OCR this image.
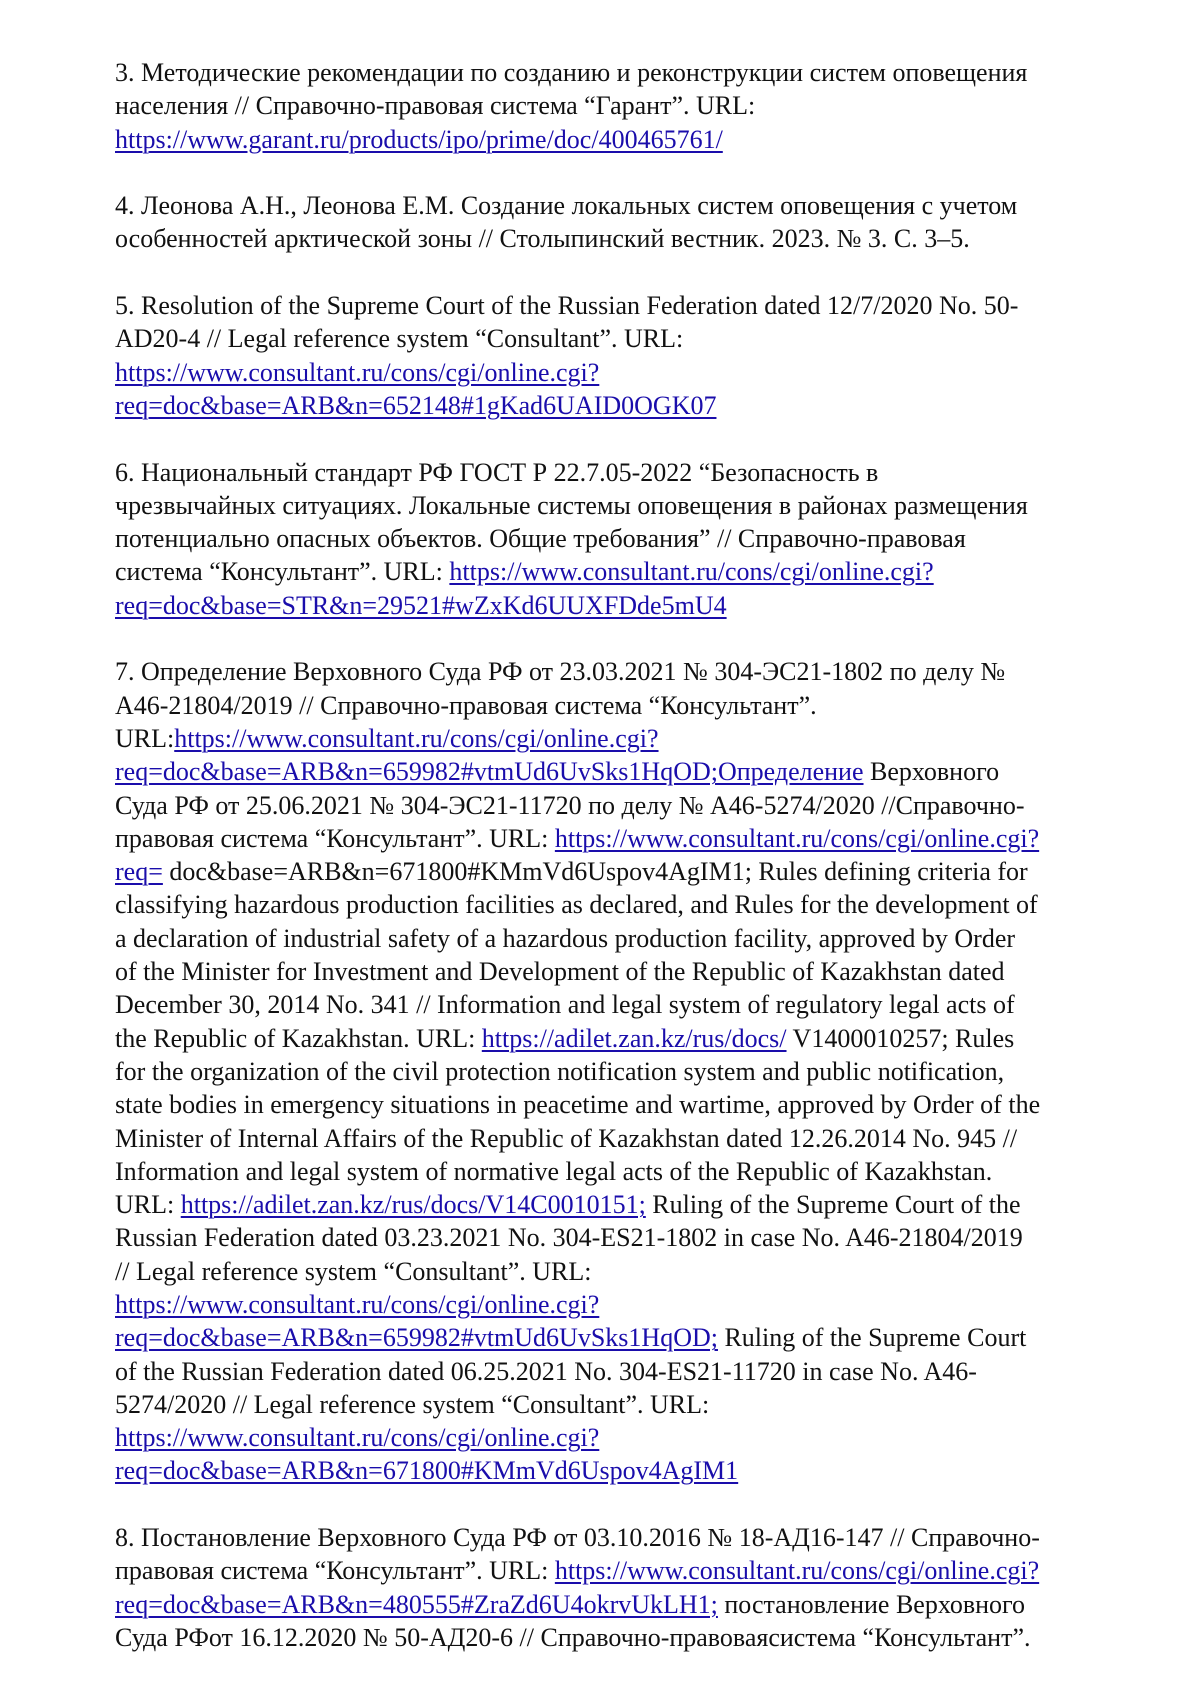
3. Методические рекомендации по созданию и реконструкции систем оповещения
населения // Справочно-правовая система “Гарант”. URL:
https://www.garant.ru/products/ipo/prime/doc/400465761/
4. Леонова А.Н., Леонова Е.М. Создание локальных систем оповещения с учетом
особенностей арктической зоны // Столыпинский вестник. 2023. № 3. С. 3–5.
5. Resolution of the Supreme Court of the Russian Federation dated 12/7/2020 No. 50-
AD20-4 // Legal reference system “Consultant”. URL:
https://www.consultant.ru/cons/cgi/online.cgi?
req=doc&base=ARB&n=652148#1gKad6UAID0OGK07
6. Национальный стандарт РФ ГОСТ Р 22.7.05-2022 “Безопасность в
чрезвычайных ситуациях. Локальные системы оповещения в районах размещения
потенциально опасных объектов. Общие требования” // Справочно-правовая
система “Консультант”. URL: https://www.consultant.ru/cons/cgi/online.cgi?
req=doc&base=STR&n=29521#wZxKd6UUXFDde5mU4
7. Определение Верховного Суда РФ от 23.03.2021 № 304-ЭС21-1802 по делу №
А46-21804/2019 // Справочно-правовая система “Консультант”.
URL:https://www.consultant.ru/cons/cgi/online.cgi?
req=doc&base=ARB&n=659982#vtmUd6UvSks1HqOD;Определение Верховного
Суда РФ от 25.06.2021 № 304-ЭС21-11720 по делу № А46-5274/2020 //Справочно-
правовая система “Консультант”. URL: https://www.consultant.ru/cons/cgi/online.cgi?
req= doc&base=ARB&n=671800#KMmVd6Uspov4AgIM1; Rules defining criteria for
classifying hazardous production facilities as declared, and Rules for the development of
a declaration of industrial safety of a hazardous production facility, approved by Order
of the Minister for Investment and Development of the Republic of Kazakhstan dated
December 30, 2014 No. 341 // Information and legal system of regulatory legal acts of
the Republic of Kazakhstan. URL: https://adilet.zan.kz/rus/docs/ V1400010257; Rules
for the organization of the civil protection notification system and public notification,
state bodies in emergency situations in peacetime and wartime, approved by Order of the
Minister of Internal Affairs of the Republic of Kazakhstan dated 12.26.2014 No. 945 //
Information and legal system of normative legal acts of the Republic of Kazakhstan.
URL: https://adilet.zan.kz/rus/docs/V14C0010151; Ruling of the Supreme Court of the
Russian Federation dated 03.23.2021 No. 304-ES21-1802 in case No. A46-21804/2019
// Legal reference system “Consultant”. URL:
https://www.consultant.ru/cons/cgi/online.cgi?
req=doc&base=ARB&n=659982#vtmUd6UvSks1HqOD; Ruling of the Supreme Court
of the Russian Federation dated 06.25.2021 No. 304-ES21-11720 in case No. A46-
5274/2020 // Legal reference system “Consultant”. URL:
https://www.consultant.ru/cons/cgi/online.cgi?
req=doc&base=ARB&n=671800#KMmVd6Uspov4AgIM1
8. Постановление Верховного Суда РФ от 03.10.2016 № 18-АД16-147 // Справочно-
правовая система “Консультант”. URL: https://www.consultant.ru/cons/cgi/online.cgi?
req=doc&base=ARB&n=480555#ZraZd6U4okrvUkLH1; постановление Верховного
Суда РФот 16.12.2020 № 50-АД20-6 // Справочно-правоваясистема “Консультант”.
